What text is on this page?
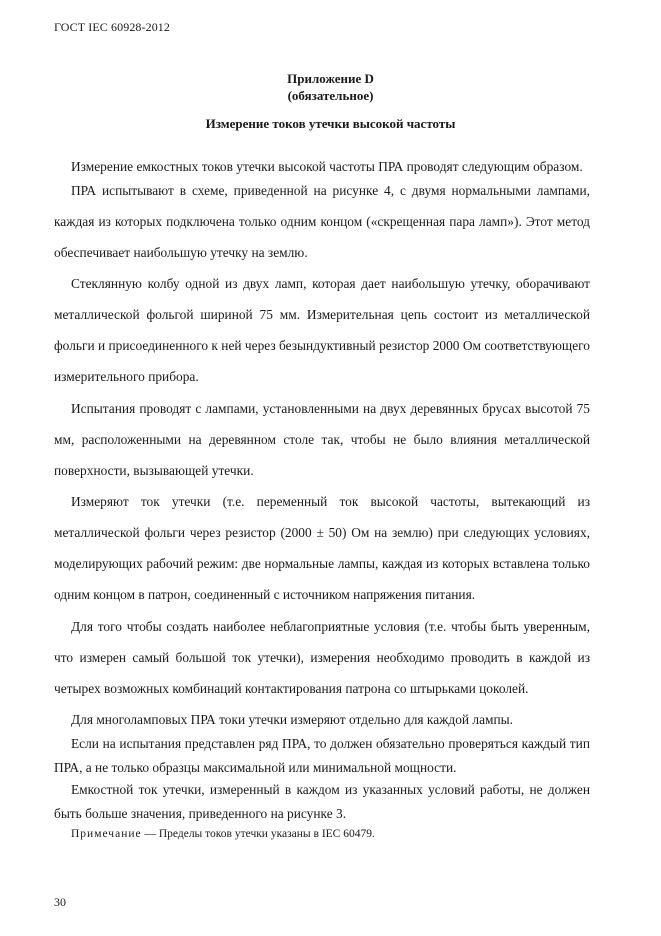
ГОСТ IEC 60928-2012
Приложение D
(обязательное)
Измерение токов утечки высокой частоты

Измерение емкостных токов утечки высокой частоты ПРА проводят следующим образом.

ПРА испытывают в схеме, приведенной на рисунке 4, с двумя нормальными лампами, каждая из которых подключена только одним концом («скрещенная пара ламп»). Этот метод обеспечивает наибольшую утечку на землю.

Стеклянную колбу одной из двух ламп, которая дает наибольшую утечку, оборачивают металлической фольгой шириной 75 мм. Измерительная цепь состоит из металлической фольги и присоединенного к ней через безындуктивный резистор 2000 Ом соответствующего измерительного прибора.

Испытания проводят с лампами, установленными на двух деревянных брусах высотой 75 мм, расположенными на деревянном столе так, чтобы не было влияния металлической поверхности, вызывающей утечки.

Измеряют ток утечки (т.е. переменный ток высокой частоты, вытекающий из металлической фольги через резистор (2000 ± 50) Ом на землю) при следующих условиях, моделирующих рабочий режим: две нормальные лампы, каждая из которых вставлена только одним концом в патрон, соединенный с источником напряжения питания.

Для того чтобы создать наиболее неблагоприятные условия (т.е. чтобы быть уверенным, что измерен самый большой ток утечки), измерения необходимо проводить в каждой из четырех возможных комбинаций контактирования патрона со штырьками цоколей.

Для многоламповых ПРА токи утечки измеряют отдельно для каждой лампы.

Если на испытания представлен ряд ПРА, то должен обязательно проверяться каждый тип ПРА, а не только образцы максимальной или минимальной мощности.

Емкостной ток утечки, измеренный в каждом из указанных условий работы, не должен быть больше значения, приведенного на рисунке 3.

Примечание — Пределы токов утечки указаны в IEC 60479.
30
